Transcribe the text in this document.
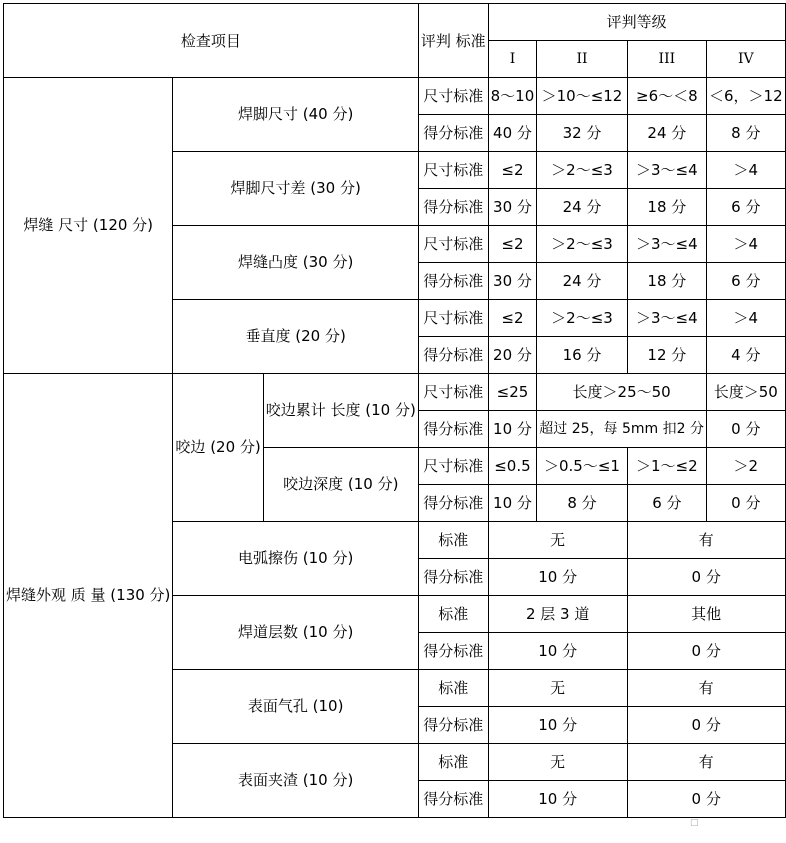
检查项目			评判 标准	评判等级			
				I	II	III	IV
焊缝 尺寸 (120 分)	焊脚尺寸 (40 分)		尺寸标准	8～10	＞10～≤12	≥6～＜8	＜6，＞12
			得分标准	40 分	32 分	24 分	8 分
	焊脚尺寸差 (30 分)		尺寸标准	≤2	＞2～≤3	＞3～≤4	＞4
			得分标准	30 分	24 分	18 分	6 分
	焊缝凸度 (30 分)		尺寸标准	≤2	＞2～≤3	＞3～≤4	＞4
			得分标准	30 分	24 分	18 分	6 分
	垂直度 (20 分)		尺寸标准	≤2	＞2～≤3	＞3～≤4	＞4
			得分标准	20 分	16 分	12 分	4 分
焊缝外观 质 量 (130 分)	咬边 (20 分)	咬边累计 长度 (10 分)	尺寸标准	≤25	长度＞25～50		长度＞50
			得分标准	10 分	超过 25，每 5mm 扣2 分		0 分
		咬边深度 (10 分)	尺寸标准	≤0.5	＞0.5～≤1	＞1～≤2	＞2
			得分标准	10 分	8 分	6 分	0 分
	电弧擦伤 (10 分)		标准	无		有	
			得分标准	10 分		0 分	
	焊道层数 (10 分)		标准	2 层 3 道		其他	
			得分标准	10 分		0 分	
	表面气孔 (10)		标准	无		有	
			得分标准	10 分		0 分	
	表面夹渣 (10 分)		标准	无		有	
			得分标准	10 分		0 分	
□
